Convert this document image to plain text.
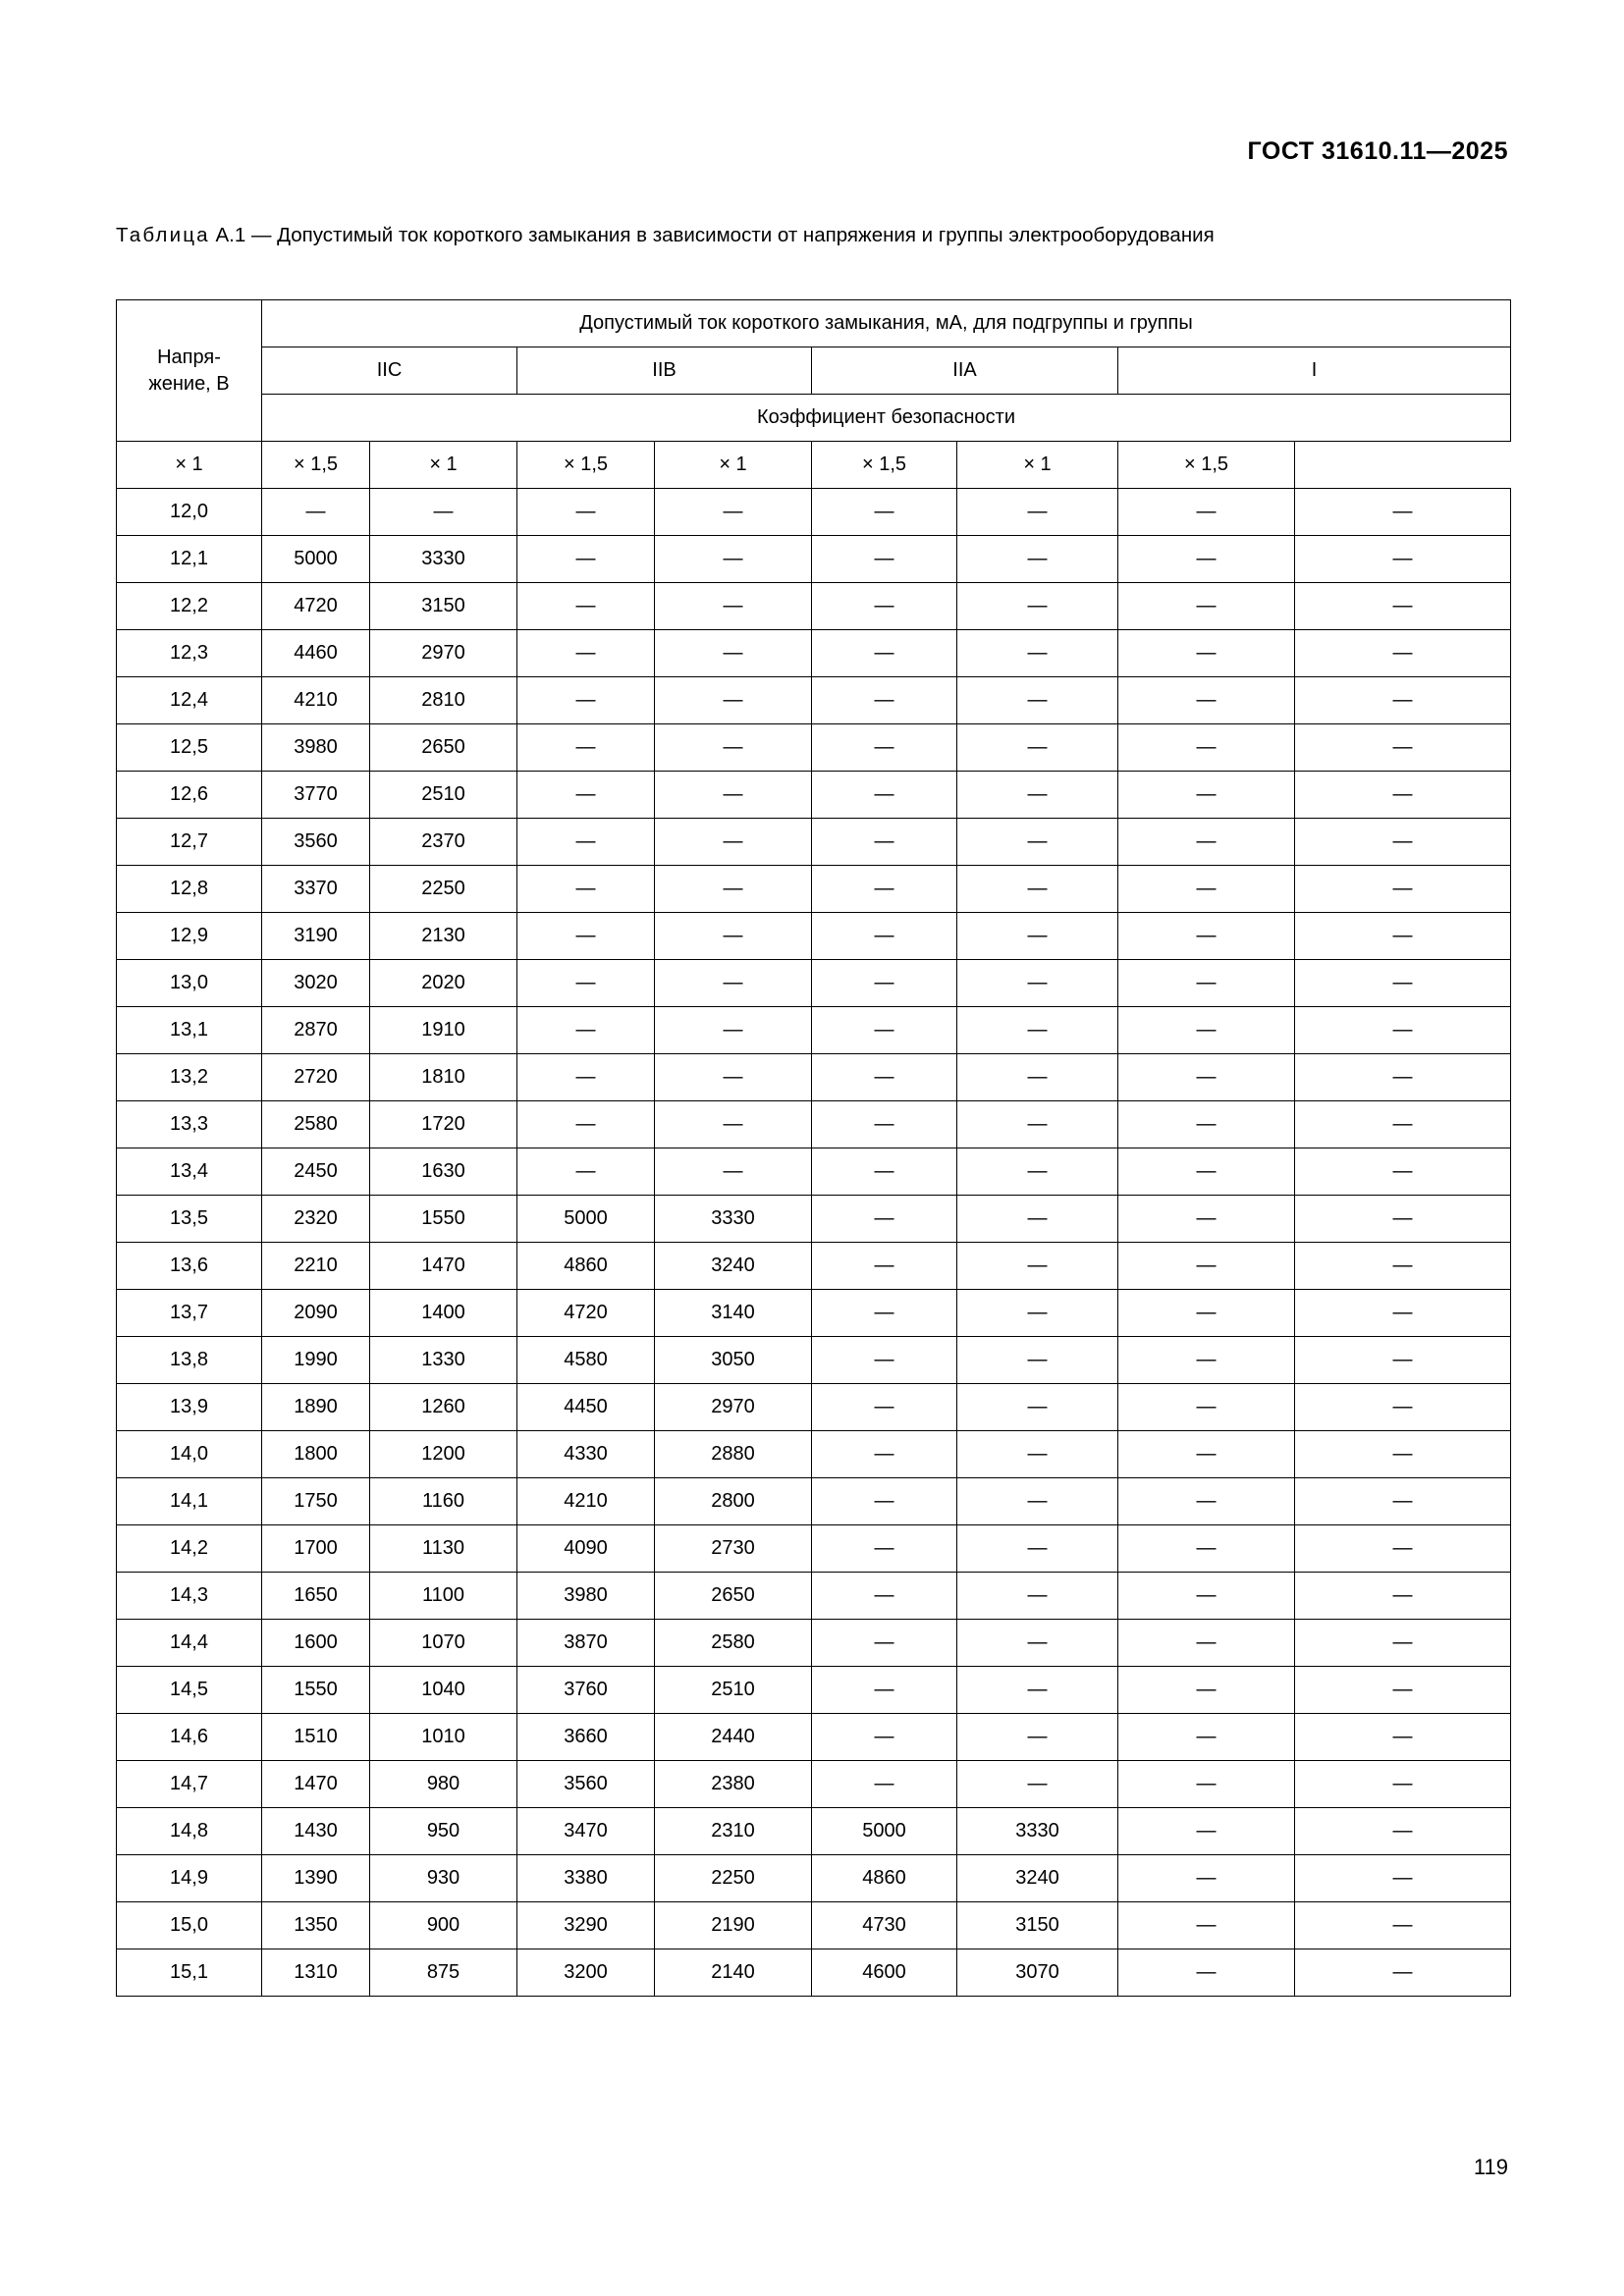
ГОСТ 31610.11—2025
Таблица А.1 — Допустимый ток короткого замыкания в зависимости от напряжения и группы электрооборудования
Напря-
жение, В	Допустимый ток короткого замыкания, мА, для подгруппы и группы							
	IIC		IIB		IIA		I	
	Коэффициент безопасности							
× 1	× 1,5	× 1	× 1,5	× 1	× 1,5	× 1	× 1,5	
12,0	—	—	—	—	—	—	—	—
12,1	5000	3330	—	—	—	—	—	—
12,2	4720	3150	—	—	—	—	—	—
12,3	4460	2970	—	—	—	—	—	—
12,4	4210	2810	—	—	—	—	—	—
12,5	3980	2650	—	—	—	—	—	—
12,6	3770	2510	—	—	—	—	—	—
12,7	3560	2370	—	—	—	—	—	—
12,8	3370	2250	—	—	—	—	—	—
12,9	3190	2130	—	—	—	—	—	—
13,0	3020	2020	—	—	—	—	—	—
13,1	2870	1910	—	—	—	—	—	—
13,2	2720	1810	—	—	—	—	—	—
13,3	2580	1720	—	—	—	—	—	—
13,4	2450	1630	—	—	—	—	—	—
13,5	2320	1550	5000	3330	—	—	—	—
13,6	2210	1470	4860	3240	—	—	—	—
13,7	2090	1400	4720	3140	—	—	—	—
13,8	1990	1330	4580	3050	—	—	—	—
13,9	1890	1260	4450	2970	—	—	—	—
14,0	1800	1200	4330	2880	—	—	—	—
14,1	1750	1160	4210	2800	—	—	—	—
14,2	1700	1130	4090	2730	—	—	—	—
14,3	1650	1100	3980	2650	—	—	—	—
14,4	1600	1070	3870	2580	—	—	—	—
14,5	1550	1040	3760	2510	—	—	—	—
14,6	1510	1010	3660	2440	—	—	—	—
14,7	1470	980	3560	2380	—	—	—	—
14,8	1430	950	3470	2310	5000	3330	—	—
14,9	1390	930	3380	2250	4860	3240	—	—
15,0	1350	900	3290	2190	4730	3150	—	—
15,1	1310	875	3200	2140	4600	3070	—	—
119
